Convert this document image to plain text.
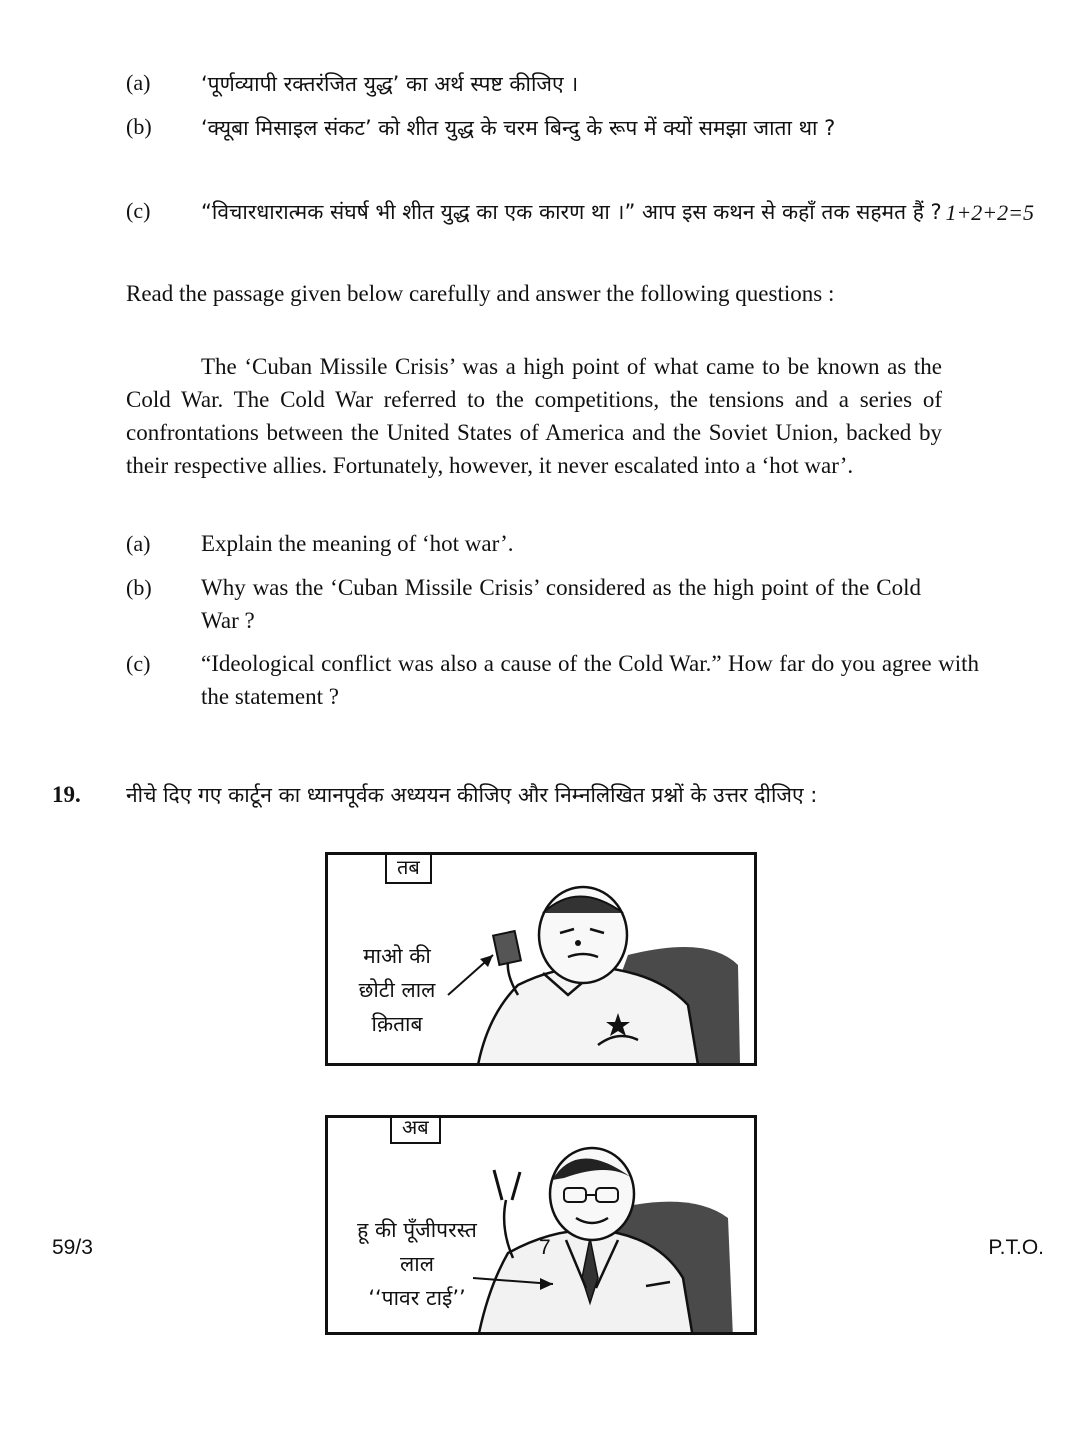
(a) ‘पूर्णव्यापी रक्तरंजित युद्ध’ का अर्थ स्पष्ट कीजिए ।
(b) ‘क्यूबा मिसाइल संकट’ को शीत युद्ध के चरम बिन्दु के रूप में क्यों समझा जाता था ?
(c) “विचारधारात्मक संघर्ष भी शीत युद्ध का एक कारण था ।” आप इस कथन से कहाँ तक सहमत हैं ? 1+2+2=5
Read the passage given below carefully and answer the following questions :
The ‘Cuban Missile Crisis’ was a high point of what came to be known as the Cold War. The Cold War referred to the competitions, the tensions and a series of confrontations between the United States of America and the Soviet Union, backed by their respective allies. Fortunately, however, it never escalated into a ‘hot war’.
(a) Explain the meaning of ‘hot war’.
(b) Why was the ‘Cuban Missile Crisis’ considered as the high point of the Cold War ?
(c) “Ideological conflict was also a cause of the Cold War.” How far do you agree with the statement ?
19. नीचे दिए गए कार्टून का ध्यानपूर्वक अध्ययन कीजिए और निम्नलिखित प्रश्नों के उत्तर दीजिए :
तब
माओ की
छोटी लाल
क़िताब
अब
हू की पूँजीपरस्त
लाल
‘‘पावर टाई’’
59/3	7	P.T.O.
